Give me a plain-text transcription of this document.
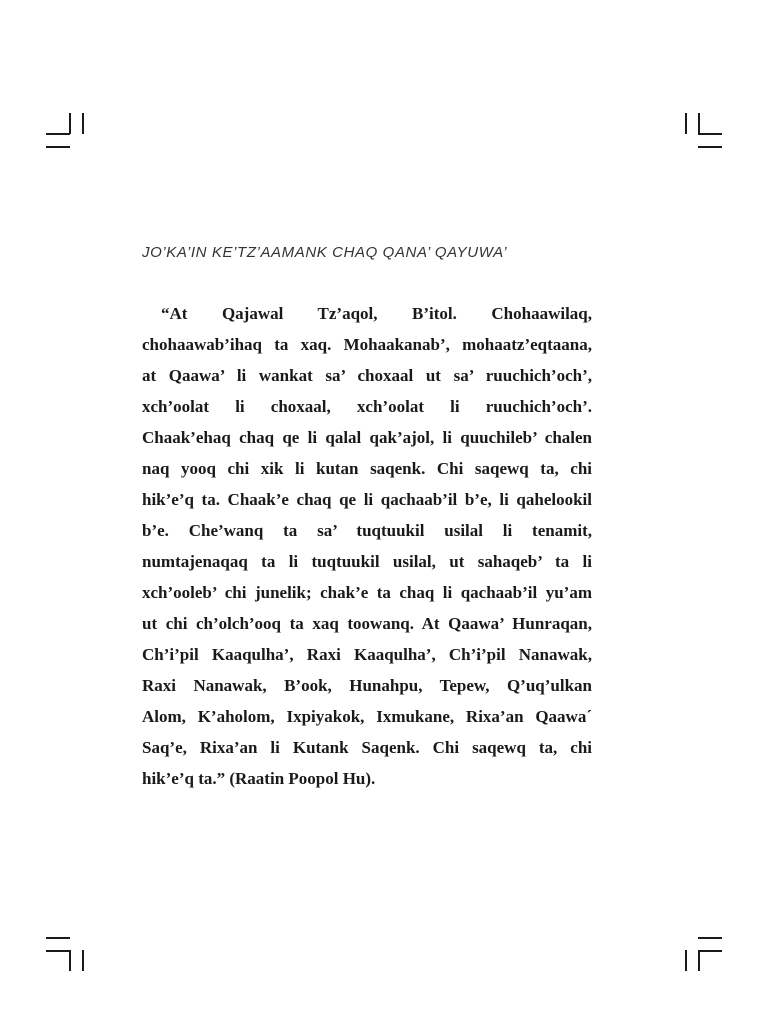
JO’KA’IN KE’TZ’AAMANK CHAQ QANA’ QAYUWA’
“At Qajawal Tz’aqol, B’itol. Chohaawilaq,
chohaawab’ihaq ta xaq. Mohaakanab’, mohaatz’eqtaana,
at Qaawa’ li wankat sa’ choxaal ut sa’ ruuchich’och’,
xch’oolat li choxaal, xch’oolat li ruuchich’och’.
Chaak’ehaq chaq qe li qalal qak’ajol, li quuchileb’ chalen
naq yooq chi xik li kutan saqenk. Chi saqewq ta, chi
hik’e’q ta. Chaak’e chaq qe li qachaab’il b’e, li qahelookil
b’e. Che’wanq ta sa’ tuqtuukil usilal li tenamit,
numtajenaqaq ta li tuqtuukil usilal, ut sahaqeb’ ta li
xch’ooleb’ chi junelik; chak’e ta chaq li qachaab’il yu’am
ut chi ch’olch’ooq ta xaq toowanq. At Qaawa’ Hunraqan,
Ch’i’pil Kaaqulha’, Raxi Kaaqulha’, Ch’i’pil Nanawak,
Raxi Nanawak, B’ook, Hunahpu, Tepew, Q’uq’ulkan
Alom, K’aholom, Ixpiyakok, Ixmukane, Rixa’an Qaawa´
Saq’e, Rixa’an li Kutank Saqenk. Chi saqewq ta, chi
hik’e’q ta.” (Raatin Poopol Hu).
